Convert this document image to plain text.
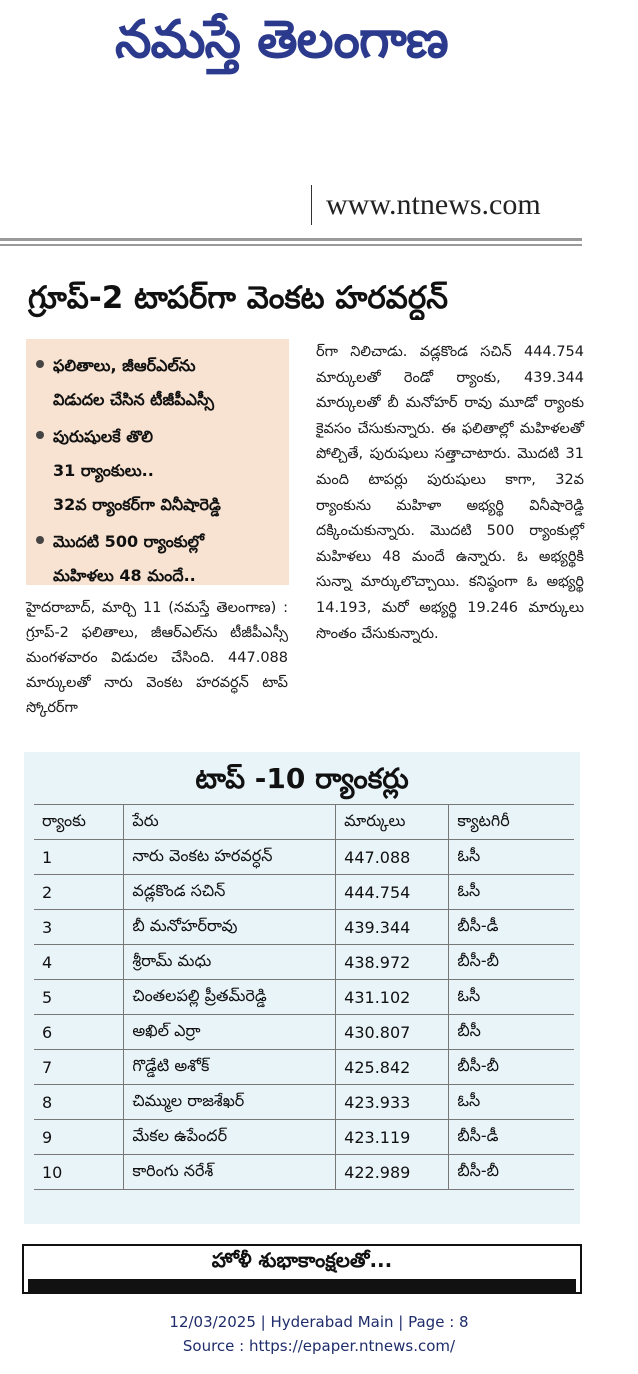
నమస్తే తెలంగాణ
www.ntnews.com
గ్రూప్-2 టాపర్‌గా వెంకట హరవర్ధన్
ఫలితాలు, జీఆర్‌ఎల్‌ను
విడుదల చేసిన టీజీపీఎస్సీ
పురుషులకే తొలి
31 ర్యాంకులు..
32వ ర్యాంకర్‌గా వినీషారెడ్డి
మొదటి 500 ర్యాంకుల్లో
మహిళలు 48 మందే..
హైదరాబాద్, మార్చి 11 (నమస్తే తెలంగాణ) : గ్రూప్-2 ఫలితాలు, జీఆర్‌ఎల్‌ను టీజీపీఎస్సీ మంగళవారం విడుదల చేసింది. 447.088 మార్కులతో నారు వెంకట హరవర్ధన్ టాప్ స్కోరర్‌గా
ర్‌గా నిలిచాడు. వడ్లకొండ సచిన్ 444.754 మార్కులతో రెండో ర్యాంకు, 439.344 మార్కులతో బీ మనోహర్ రావు మూడో ర్యాంకు కైవసం చేసుకున్నారు. ఈ ఫలితాల్లో మహిళలతో పోల్చితే, పురుషులు సత్తాచాటారు. మొదటి 31 మంది టాపర్లు పురుషులు కాగా, 32వ ర్యాంకును మహిళా అభ్యర్థి వినీషారెడ్డి దక్కించుకున్నారు. మొదటి 500 ర్యాంకుల్లో మహిళలు 48 మందే ఉన్నారు. ఓ అభ్యర్థికి సున్నా మార్కులొచ్చాయి. కనిష్ఠంగా ఓ అభ్యర్థి 14.193, మరో అభ్యర్థి 19.246 మార్కులు సొంతం చేసుకున్నారు.
టాప్ -10 ర్యాంకర్లు
ర్యాంకు	పేరు	మార్కులు	క్యాటగిరీ
1	నారు వెంకట హరవర్ధన్	447.088	ఓసీ
2	వడ్లకొండ సచిన్	444.754	ఓసీ
3	బీ మనోహర్‌రావు	439.344	బీసీ-డీ
4	శ్రీరామ్ మధు	438.972	బీసీ-బీ
5	చింతలపల్లి ప్రీతమ్‌రెడ్డి	431.102	ఓసీ
6	అఖిల్ ఎర్రా	430.807	బీసీ
7	గొడ్డేటి అశోక్	425.842	బీసీ-బీ
8	చిమ్ముల రాజశేఖర్	423.933	ఓసీ
9	మేకల ఉపేందర్	423.119	బీసీ-డీ
10	కారింగు నరేశ్	422.989	బీసీ-బీ
హోళీ శుభాకాంక్షలతో...
12/03/2025 | Hyderabad Main | Page : 8
Source : https://epaper.ntnews.com/
